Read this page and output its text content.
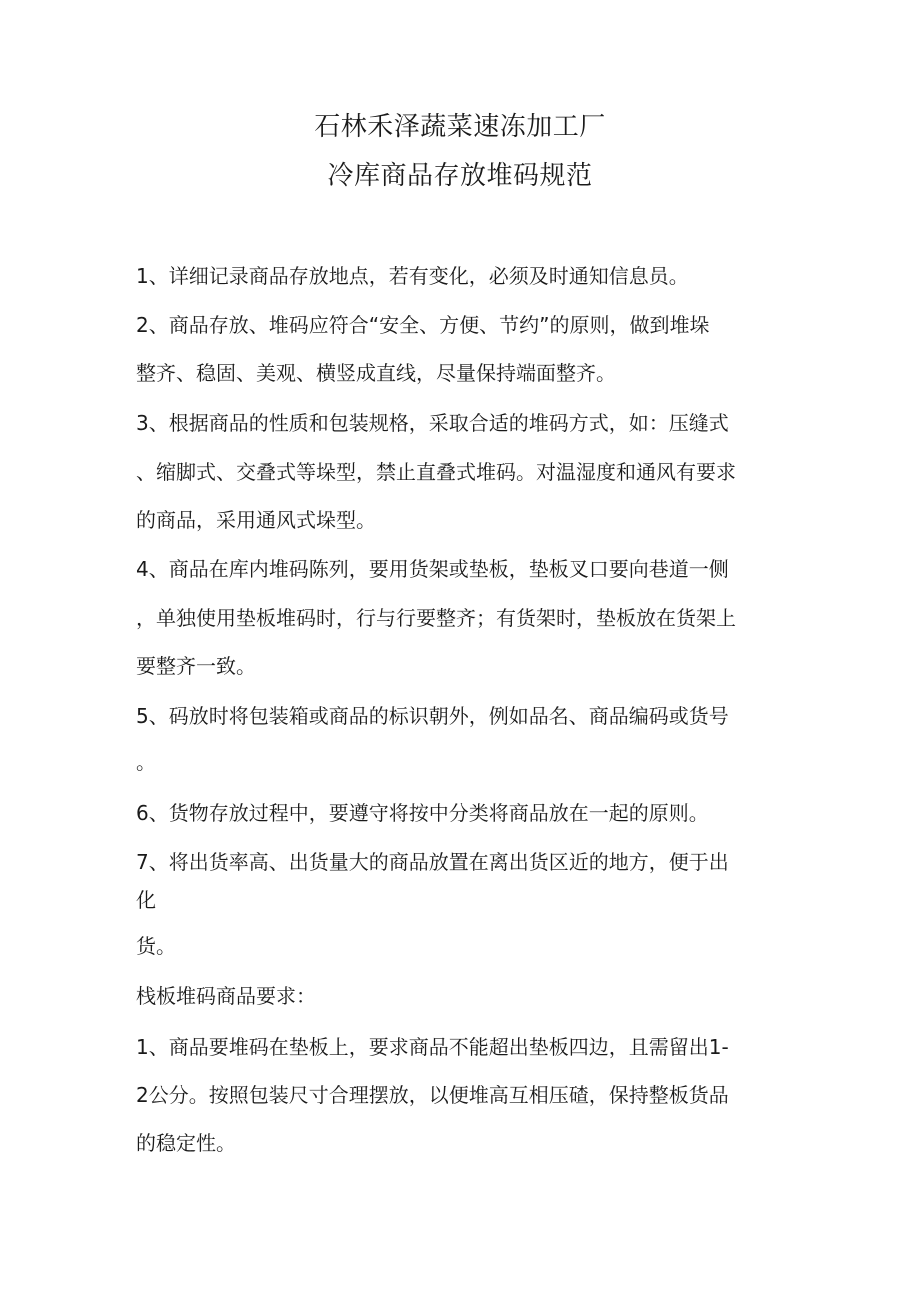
石林禾泽蔬菜速冻加工厂
冷库商品存放堆码规范

1、详细记录商品存放地点，若有变化，必须及时通知信息员。

2、商品存放、堆码应符合“安全、方便、节约”的原则，做到堆垛

整齐、稳固、美观、横竖成直线，尽量保持端面整齐。

3、根据商品的性质和包装规格，采取合适的堆码方式，如：压缝式

、缩脚式、交叠式等垛型，禁止直叠式堆码。对温湿度和通风有要求

的商品，采用通风式垛型。

4、商品在库内堆码陈列，要用货架或垫板，垫板叉口要向巷道一侧

，单独使用垫板堆码时，行与行要整齐；有货架时，垫板放在货架上

要整齐一致。

5、码放时将包装箱或商品的标识朝外，例如品名、商品编码或货号

。

6、货物存放过程中，要遵守将按中分类将商品放在一起的原则。

7、将出货率高、出货量大的商品放置在离出货区近的地方，便于出

化

货。

栈板堆码商品要求：

1、商品要堆码在垫板上，要求商品不能超出垫板四边，且需留出1-

2公分。按照包装尺寸合理摆放，以便堆高互相压碴，保持整板货品

的稳定性。
